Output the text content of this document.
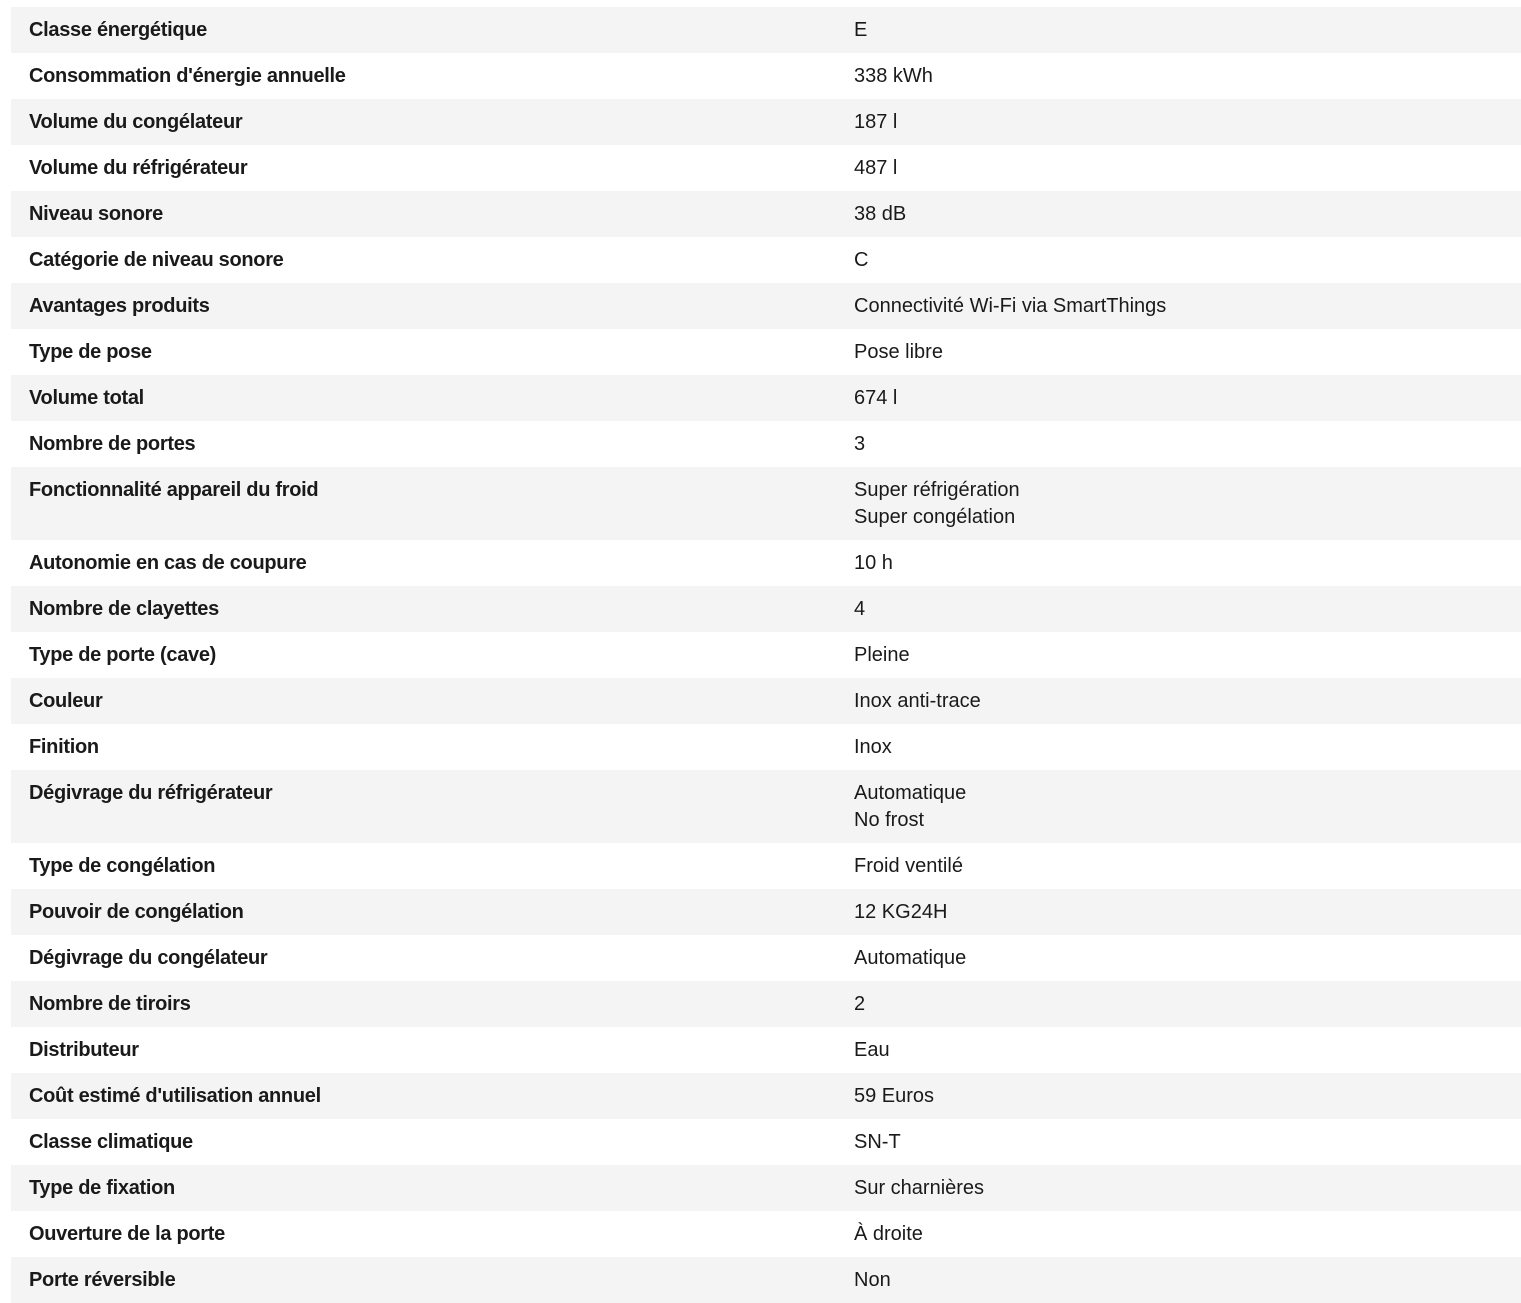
Classe énergétique	E
Consommation d'énergie annuelle	338 kWh
Volume du congélateur	187 l
Volume du réfrigérateur	487 l
Niveau sonore	38 dB
Catégorie de niveau sonore	C
Avantages produits	Connectivité Wi-Fi via SmartThings
Type de pose	Pose libre
Volume total	674 l
Nombre de portes	3
Fonctionnalité appareil du froid	Super réfrigération
Super congélation
Autonomie en cas de coupure	10 h
Nombre de clayettes	4
Type de porte (cave)	Pleine
Couleur	Inox anti-trace
Finition	Inox
Dégivrage du réfrigérateur	Automatique
No frost
Type de congélation	Froid ventilé
Pouvoir de congélation	12 KG24H
Dégivrage du congélateur	Automatique
Nombre de tiroirs	2
Distributeur	Eau
Coût estimé d'utilisation annuel	59 Euros
Classe climatique	SN-T
Type de fixation	Sur charnières
Ouverture de la porte	À droite
Porte réversible	Non
